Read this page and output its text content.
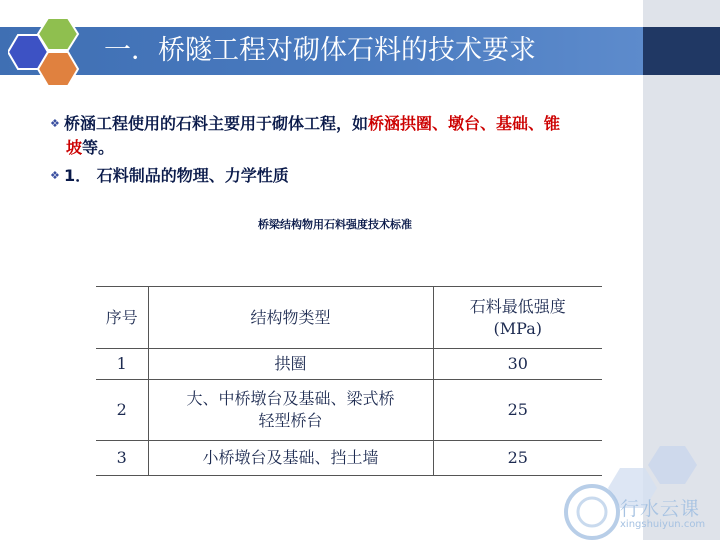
一．桥隧工程对砌体石料的技术要求
❖ 桥涵工程使用的石料主要用于砌体工程，如桥涵拱圈、墩台、基础、锥
坡等。
❖ 1． 石料制品的物理、力学性质
桥梁结构物用石料强度技术标准
序号	结构物类型	石料最低强度
(MPa)

1	拱圈	30
2	大、中桥墩台及基础、梁式桥
轻型桥台	25
3	小桥墩台及基础、挡土墙	25
行水云课
xingshuiyun.com
